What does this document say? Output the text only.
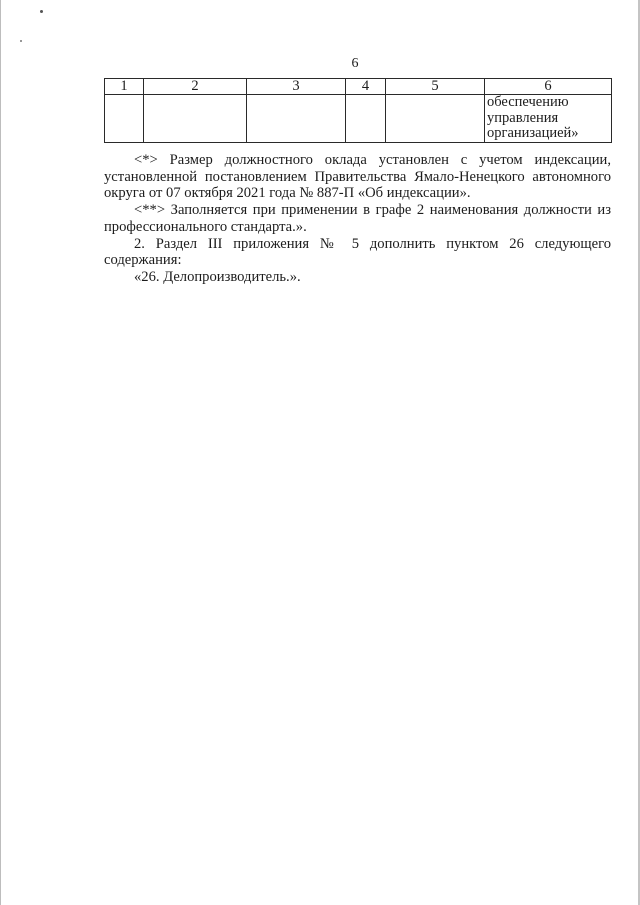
6
1	2	3	4	5	6

					обеспечению
управления
организацией»

<*> Размер должностного оклада установлен с учетом индексации, установленной постановлением Правительства Ямало-Ненецкого автономного округа от 07 октября 2021 года № 887-П «Об индексации».

<**> Заполняется при применении в графе 2 наименования должности из профессионального стандарта.».

2. Раздел III приложения № 5 дополнить пунктом 26 следующего содержания:

«26. Делопроизводитель.».
